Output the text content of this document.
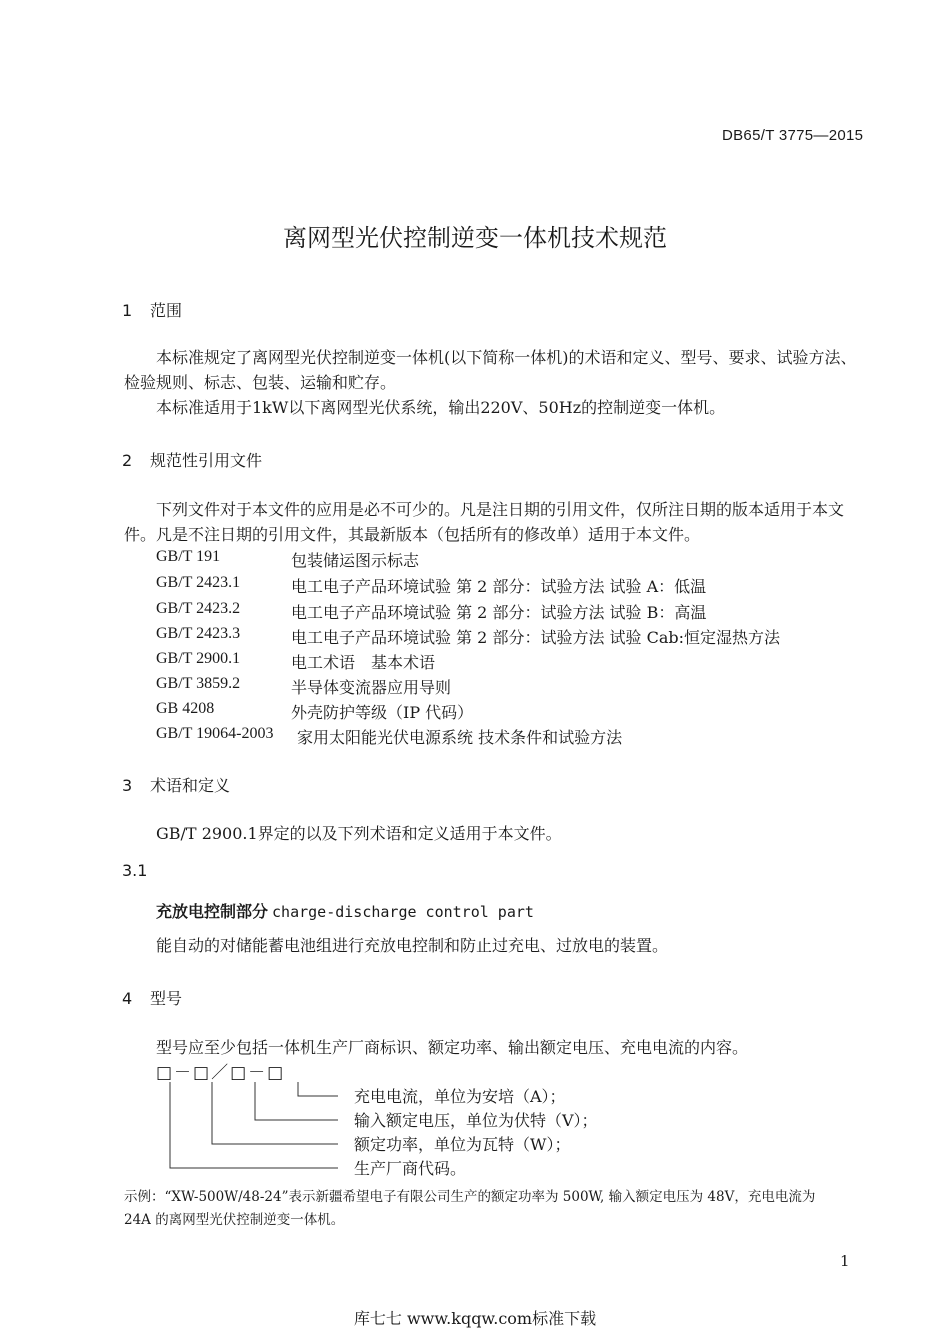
DB65/T 3775—2015
离网型光伏控制逆变一体机技术规范
1 范围
本标准规定了离网型光伏控制逆变一体机(以下简称一体机)的术语和定义、型号、要求、试验方法、
检验规则、标志、包装、运输和贮存。
本标准适用于1kW以下离网型光伏系统，输出220V、50Hz的控制逆变一体机。
2 规范性引用文件
下列文件对于本文件的应用是必不可少的。凡是注日期的引用文件，仅所注日期的版本适用于本文
件。凡是不注日期的引用文件，其最新版本（包括所有的修改单）适用于本文件。
GB/T 191	包装储运图示标志
GB/T 2423.1	电工电子产品环境试验 第 2 部分：试验方法 试验 A：低温
GB/T 2423.2	电工电子产品环境试验 第 2 部分：试验方法 试验 B：高温
GB/T 2423.3	电工电子产品环境试验 第 2 部分：试验方法 试验 Cab:恒定湿热方法
GB/T 2900.1	电工术语　基本术语
GB/T 3859.2	半导体变流器应用导则
GB 4208	外壳防护等级（IP 代码）
GB/T 19064-2003 家用太阳能光伏电源系统 技术条件和试验方法
3 术语和定义
GB/T 2900.1界定的以及下列术语和定义适用于本文件。
3.1
充放电控制部分 charge-discharge control part
能自动的对储能蓄电池组进行充放电控制和防止过充电、过放电的装置。
4 型号
型号应至少包括一体机生产厂商标识、额定功率、输出额定电压、充电电流的内容。
□－□／□－□
充电电流，单位为安培（A）；
输入额定电压，单位为伏特（V）；
额定功率，单位为瓦特（W）；
生产厂商代码。
示例：“XW-500W/48-24”表示新疆希望电子有限公司生产的额定功率为 500W, 输入额定电压为 48V，充电电流为
24A 的离网型光伏控制逆变一体机。
1
库七七 www.kqqw.com标准下载
